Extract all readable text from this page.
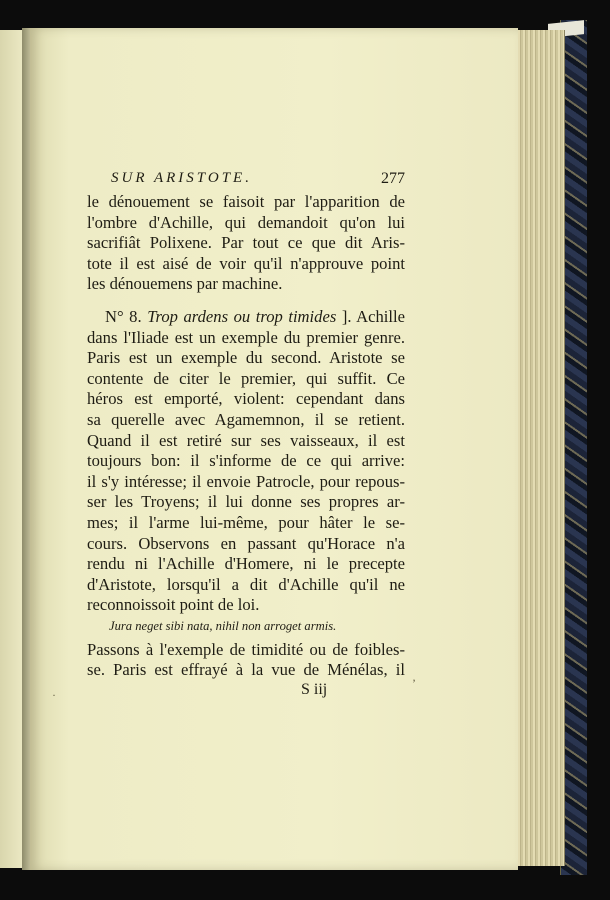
SUR ARISTOTE.	277
le dénouement se faisoit par l'apparition de
l'ombre d'Achille, qui demandoit qu'on lui
sacrifiât Polixene. Par tout ce que dit Aris-
tote il est aisé de voir qu'il n'approuve point
les dénouemens par machine.
N° 8. Trop ardens ou trop timides ]. Achille
dans l'Iliade est un exemple du premier genre.
Paris est un exemple du second. Aristote se
contente de citer le premier, qui suffit. Ce
héros est emporté, violent: cependant dans
sa querelle avec Agamemnon, il se retient.
Quand il est retiré sur ses vaisseaux, il est
toujours bon: il s'informe de ce qui arrive:
il s'y intéresse; il envoie Patrocle, pour repous-
ser les Troyens; il lui donne ses propres ar-
mes; il l'arme lui-même, pour hâter le se-
cours. Observons en passant qu'Horace n'a
rendu ni l'Achille d'Homere, ni le precepte
d'Aristote, lorsqu'il a dit d'Achille qu'il ne
reconnoissoit point de loi.
Jura neget sibi nata, nihil non arroget armis.
Passons à l'exemple de timidité ou de foibles-
se. Paris est effrayé à la vue de Ménélas, il
S iij
·
’
